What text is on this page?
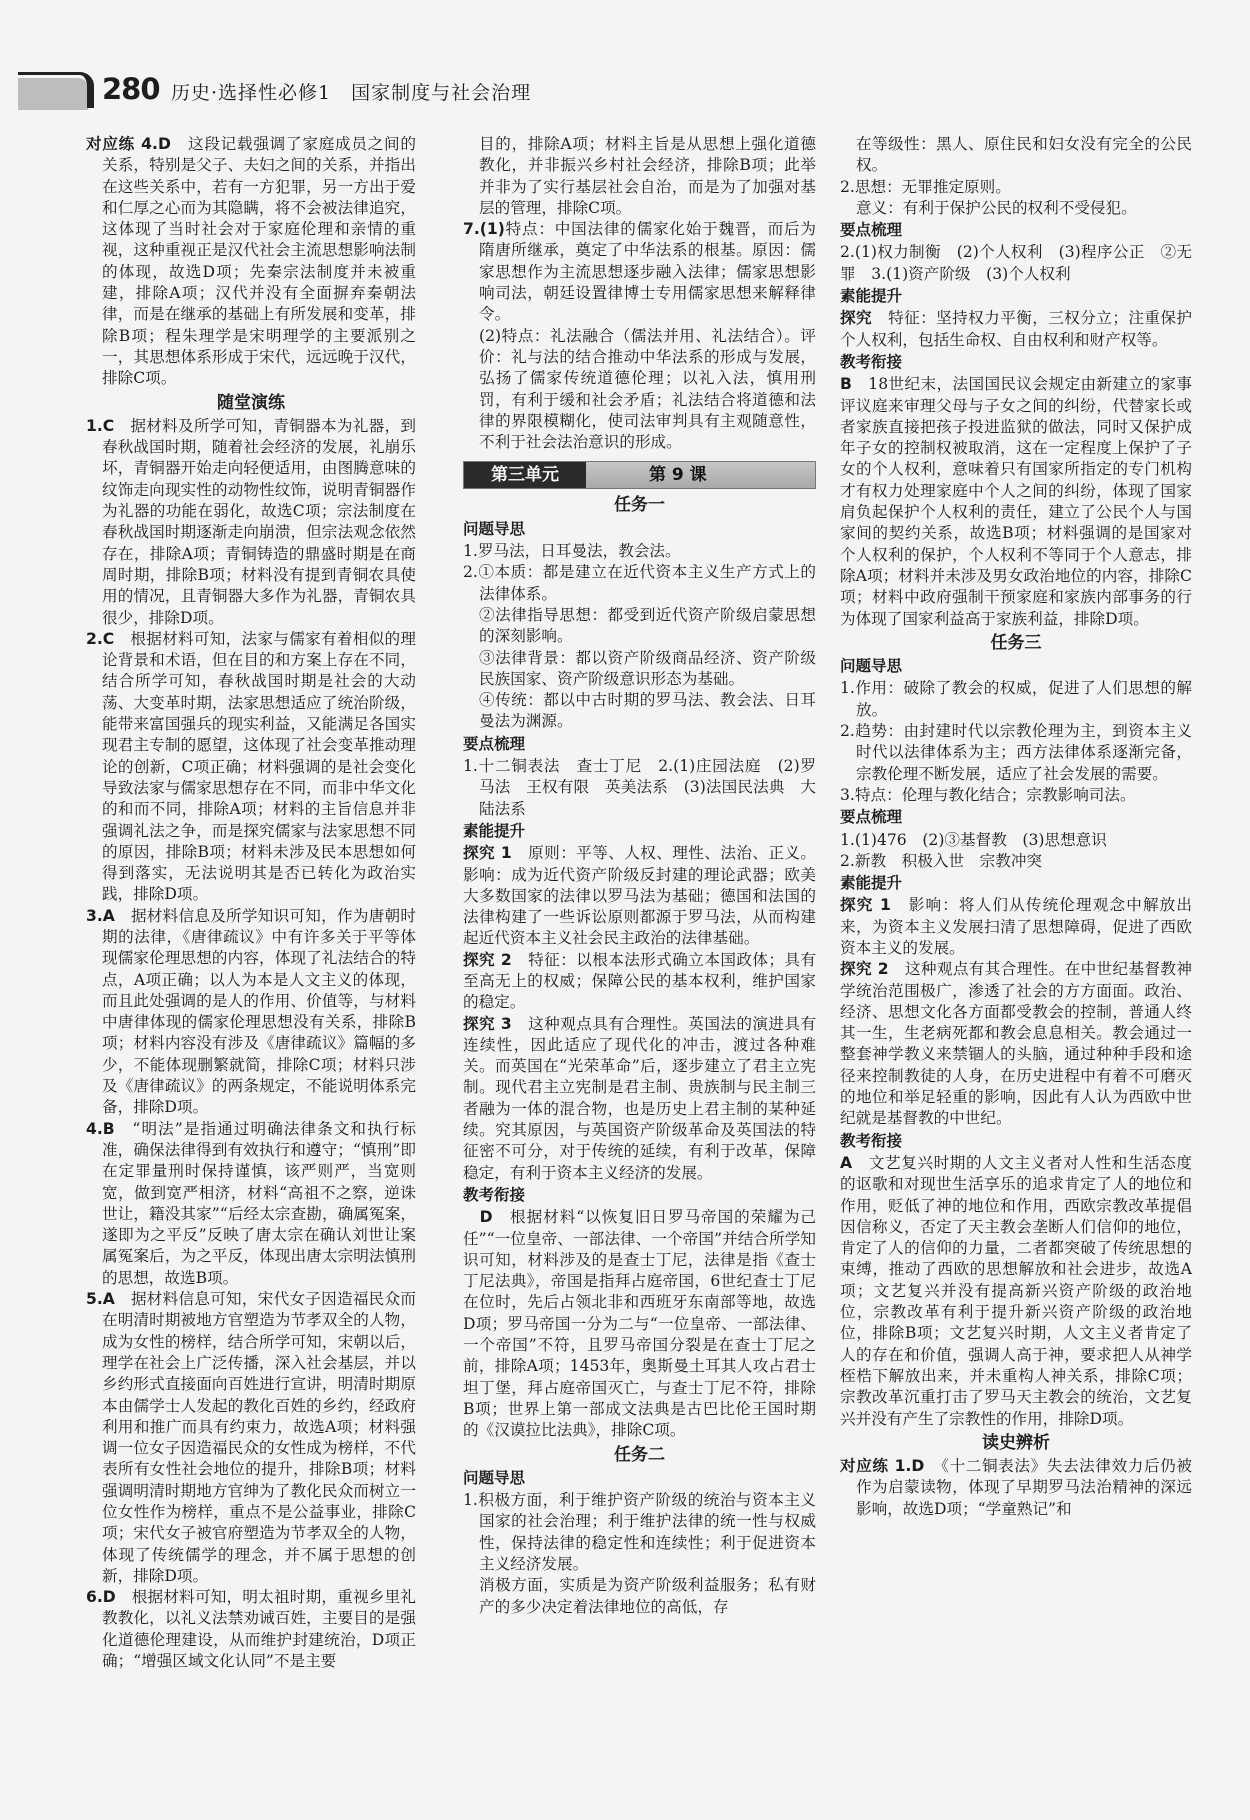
280 历史·选择性必修1　国家制度与社会治理

对应练 4.D　 这段记载强调了家庭成员之间的关系，特别是父子、夫妇之间的关系，并指出在这些关系中，若有一方犯罪，另一方出于爱和仁厚之心而为其隐瞒，将不会被法律追究，这体现了当时社会对于家庭伦理和亲情的重视，这种重视正是汉代社会主流思想影响法制的体现，故选D项；先秦宗法制度并未被重建，排除A项；汉代并没有全面摒弃秦朝法律，而是在继承的基础上有所发展和变革，排除B项；程朱理学是宋明理学的主要派别之一，其思想体系形成于宋代，远远晚于汉代，排除C项。

随堂演练

1.C　 据材料及所学可知，青铜器本为礼器，到春秋战国时期，随着社会经济的发展，礼崩乐坏，青铜器开始走向轻便适用，由图腾意味的纹饰走向现实性的动物性纹饰，说明青铜器作为礼器的功能在弱化，故选C项；宗法制度在春秋战国时期逐渐走向崩溃，但宗法观念依然存在，排除A项；青铜铸造的鼎盛时期是在商周时期，排除B项；材料没有提到青铜农具使用的情况，且青铜器大多作为礼器，青铜农具很少，排除D项。

2.C　 根据材料可知，法家与儒家有着相似的理论背景和术语，但在目的和方案上存在不同，结合所学可知，春秋战国时期是社会的大动荡、大变革时期，法家思想适应了统治阶级，能带来富国强兵的现实利益，又能满足各国实现君主专制的愿望，这体现了社会变革推动理论的创新，C项正确；材料强调的是社会变化导致法家与儒家思想存在不同，而非中华文化的和而不同，排除A项；材料的主旨信息并非强调礼法之争，而是探究儒家与法家思想不同的原因，排除B项；材料未涉及民本思想如何得到落实，无法说明其是否已转化为政治实践，排除D项。

3.A　 据材料信息及所学知识可知，作为唐朝时期的法律，《唐律疏议》中有许多关于平等体现儒家伦理思想的内容，体现了礼法结合的特点，A项正确；以人为本是人文主义的体现，而且此处强调的是人的作用、价值等，与材料中唐律体现的儒家伦理思想没有关系，排除B项；材料内容没有涉及《唐律疏议》篇幅的多少，不能体现删繁就简，排除C项；材料只涉及《唐律疏议》的两条规定，不能说明体系完备，排除D项。

4.B　 “明法”是指通过明确法律条文和执行标准，确保法律得到有效执行和遵守；“慎刑”即在定罪量刑时保持谨慎，该严则严，当宽则宽，做到宽严相济，材料“高祖不之察，逆诛世让，籍没其家”“后经太宗查勘，确属冤案，遂即为之平反”反映了唐太宗在确认刘世让案属冤案后，为之平反，体现出唐太宗明法慎刑的思想，故选B项。

5.A　 据材料信息可知，宋代女子因造福民众而在明清时期被地方官塑造为节孝双全的人物，成为女性的榜样，结合所学可知，宋朝以后，理学在社会上广泛传播，深入社会基层，并以乡约形式直接面向百姓进行宣讲，明清时期原本由儒学士人发起的教化百姓的乡约，经政府利用和推广而具有约束力，故选A项；材料强调一位女子因造福民众的女性成为榜样，不代表所有女性社会地位的提升，排除B项；材料强调明清时期地方官绅为了教化民众而树立一位女性作为榜样，重点不是公益事业，排除C项；宋代女子被官府塑造为节孝双全的人物，体现了传统儒学的理念，并不属于思想的创新，排除D项。

6.D　 根据材料可知，明太祖时期，重视乡里礼教教化，以礼义法禁劝诫百姓，主要目的是强化道德伦理建设，从而维护封建统治，D项正确；“增强区域文化认同”不是主要

目的，排除A项；材料主旨是从思想上强化道德教化，并非振兴乡村社会经济，排除B项；此举并非为了实行基层社会自治，而是为了加强对基层的管理，排除C项。

7.(1)特点：中国法律的儒家化始于魏晋，而后为隋唐所继承，奠定了中华法系的根基。原因：儒家思想作为主流思想逐步融入法律；儒家思想影响司法，朝廷设置律博士专用儒家思想来解释律令。

(2)特点：礼法融合（儒法并用、礼法结合）。评价：礼与法的结合推动中华法系的形成与发展，弘扬了儒家传统道德伦理；以礼入法，慎用刑罚，有利于缓和社会矛盾；礼法结合将道德和法律的界限模糊化，使司法审判具有主观随意性，不利于社会法治意识的形成。

第三单元	第 9 课
任务一
问题导思

1.罗马法，日耳曼法，教会法。

2.①本质：都是建立在近代资本主义生产方式上的法律体系。

②法律指导思想：都受到近代资产阶级启蒙思想的深刻影响。

③法律背景：都以资产阶级商品经济、资产阶级民族国家、资产阶级意识形态为基础。

④传统：都以中古时期的罗马法、教会法、日耳曼法为渊源。

要点梳理

1.十二铜表法　查士丁尼　2.(1)庄园法庭　(2)罗马法　王权有限　英美法系　(3)法国民法典　大陆法系

素能提升

探究 1　 原则：平等、人权、理性、法治、正义。影响：成为近代资产阶级反封建的理论武器；欧美大多数国家的法律以罗马法为基础；德国和法国的法律构建了一些诉讼原则都源于罗马法，从而构建起近代资本主义社会民主政治的法律基础。

探究 2　 特征：以根本法形式确立本国政体；具有至高无上的权威；保障公民的基本权利，维护国家的稳定。

探究 3　 这种观点具有合理性。英国法的演进具有连续性，因此适应了现代化的冲击，渡过各种难关。而英国在“光荣革命”后，逐步建立了君主立宪制。现代君主立宪制是君主制、贵族制与民主制三者融为一体的混合物，也是历史上君主制的某种延续。究其原因，与英国资产阶级革命及英国法的特征密不可分，对于传统的延续，有利于改革，保障稳定，有利于资本主义经济的发展。

教考衔接

　D　 根据材料“以恢复旧日罗马帝国的荣耀为己任”“一位皇帝、一部法律、一个帝国”并结合所学知识可知，材料涉及的是查士丁尼，法律是指《查士丁尼法典》，帝国是指拜占庭帝国，6世纪查士丁尼在位时，先后占领北非和西班牙东南部等地，故选D项；罗马帝国一分为二与“一位皇帝、一部法律、一个帝国”不符，且罗马帝国分裂是在查士丁尼之前，排除A项；1453年，奥斯曼土耳其人攻占君士坦丁堡，拜占庭帝国灭亡，与查士丁尼不符，排除B项；世界上第一部成文法典是古巴比伦王国时期的《汉谟拉比法典》，排除C项。

任务二
问题导思

1.积极方面，利于维护资产阶级的统治与资本主义国家的社会治理；利于维护法律的统一性与权威性，保持法律的稳定性和连续性；利于促进资本主义经济发展。

消极方面，实质是为资产阶级利益服务；私有财产的多少决定着法律地位的高低，存

在等级性：黑人、原住民和妇女没有完全的公民权。

2.思想：无罪推定原则。

意义：有利于保护公民的权利不受侵犯。

要点梳理

2.(1)权力制衡　(2)个人权利　(3)程序公正　②无罪　3.(1)资产阶级　(3)个人权利

素能提升

探究　 特征：坚持权力平衡，三权分立；注重保护个人权利，包括生命权、自由权利和财产权等。

教考衔接

B　 18世纪末，法国国民议会规定由新建立的家事评议庭来审理父母与子女之间的纠纷，代替家长或者家族直接把孩子投进监狱的做法，同时又保护成年子女的控制权被取消，这在一定程度上保护了子女的个人权利，意味着只有国家所指定的专门机构才有权力处理家庭中个人之间的纠纷，体现了国家肩负起保护个人权利的责任，建立了公民个人与国家间的契约关系，故选B项；材料强调的是国家对个人权利的保护，个人权利不等同于个人意志，排除A项；材料并未涉及男女政治地位的内容，排除C项；材料中政府强制干预家庭和家族内部事务的行为体现了国家利益高于家族利益，排除D项。

任务三
问题导思

1.作用：破除了教会的权威，促进了人们思想的解放。

2.趋势：由封建时代以宗教伦理为主，到资本主义时代以法律体系为主；西方法律体系逐渐完备，宗教伦理不断发展，适应了社会发展的需要。

3.特点：伦理与教化结合；宗教影响司法。

要点梳理

1.(1)476　(2)③基督教　(3)思想意识

2.新教　积极入世　宗教冲突

素能提升

探究 1　 影响：将人们从传统伦理观念中解放出来，为资本主义发展扫清了思想障碍，促进了西欧资本主义的发展。

探究 2　 这种观点有其合理性。在中世纪基督教神学统治范围极广，渗透了社会的方方面面。政治、经济、思想文化各方面都受教会的控制，普通人终其一生，生老病死都和教会息息相关。教会通过一整套神学教义来禁锢人的头脑，通过种种手段和途径来控制教徒的人身，在历史进程中有着不可磨灭的地位和举足轻重的影响，因此有人认为西欧中世纪就是基督教的中世纪。

教考衔接

A　 文艺复兴时期的人文主义者对人性和生活态度的讴歌和对现世生活享乐的追求肯定了人的地位和作用，贬低了神的地位和作用，西欧宗教改革提倡因信称义，否定了天主教会垄断人们信仰的地位，肯定了人的信仰的力量，二者都突破了传统思想的束缚，推动了西欧的思想解放和社会进步，故选A项；文艺复兴并没有提高新兴资产阶级的政治地位，宗教改革有利于提升新兴资产阶级的政治地位，排除B项；文艺复兴时期，人文主义者肯定了人的存在和价值，强调人高于神，要求把人从神学桎梏下解放出来，并未重构人神关系，排除C项；宗教改革沉重打击了罗马天主教会的统治，文艺复兴并没有产生了宗教性的作用，排除D项。

读史辨析

对应练 1.D　 《十二铜表法》失去法律效力后仍被作为启蒙读物，体现了早期罗马法治精神的深远影响，故选D项；“学童熟记”和
